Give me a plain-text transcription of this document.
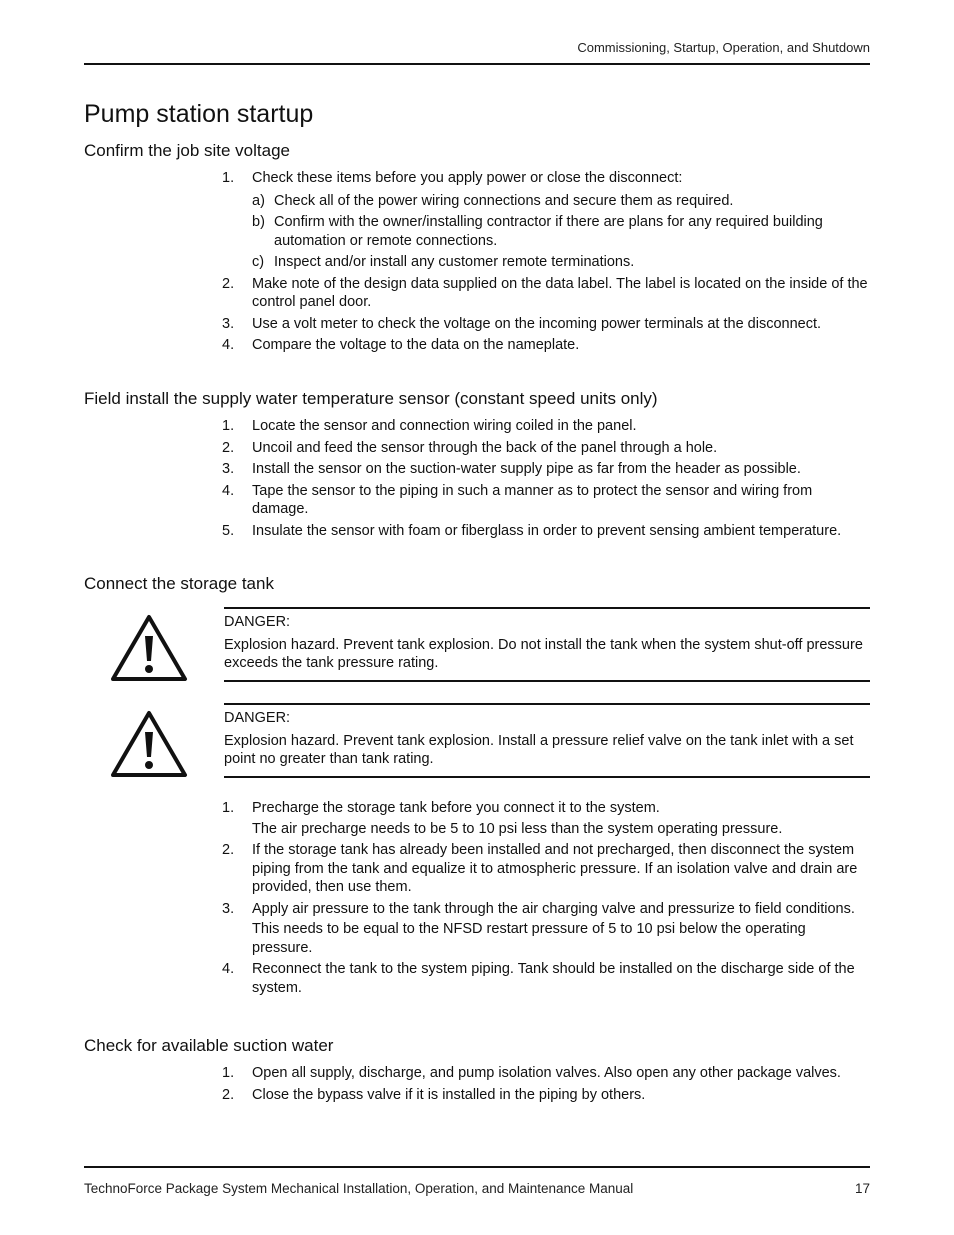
Commissioning, Startup, Operation, and Shutdown
Pump station startup
Confirm the job site voltage
1. Check these items before you apply power or close the disconnect:
a) Check all of the power wiring connections and secure them as required.
b) Confirm with the owner/installing contractor if there are plans for any required building automation or remote connections.
c) Inspect and/or install any customer remote terminations.
2. Make note of the design data supplied on the data label. The label is located on the inside of the control panel door.
3. Use a volt meter to check the voltage on the incoming power terminals at the disconnect.
4. Compare the voltage to the data on the nameplate.
Field install the supply water temperature sensor (constant speed units only)
1. Locate the sensor and connection wiring coiled in the panel.
2. Uncoil and feed the sensor through the back of the panel through a hole.
3. Install the sensor on the suction-water supply pipe as far from the header as possible.
4. Tape the sensor to the piping in such a manner as to protect the sensor and wiring from damage.
5. Insulate the sensor with foam or fiberglass in order to prevent sensing ambient temperature.
Connect the storage tank
DANGER:
Explosion hazard. Prevent tank explosion. Do not install the tank when the system shut-off pressure exceeds the tank pressure rating.
DANGER:
Explosion hazard. Prevent tank explosion. Install a pressure relief valve on the tank inlet with a set point no greater than tank rating.
1. Precharge the storage tank before you connect it to the system.
The air precharge needs to be 5 to 10 psi less than the system operating pressure.
2. If the storage tank has already been installed and not precharged, then disconnect the system piping from the tank and equalize it to atmospheric pressure. If an isolation valve and drain are provided, then use them.
3. Apply air pressure to the tank through the air charging valve and pressurize to field conditions.
This needs to be equal to the NFSD restart pressure of 5 to 10 psi below the operating pressure.
4. Reconnect the tank to the system piping. Tank should be installed on the discharge side of the system.
Check for available suction water
1. Open all supply, discharge, and pump isolation valves. Also open any other package valves.
2. Close the bypass valve if it is installed in the piping by others.
TechnoForce Package System Mechanical Installation, Operation, and Maintenance Manual	17
